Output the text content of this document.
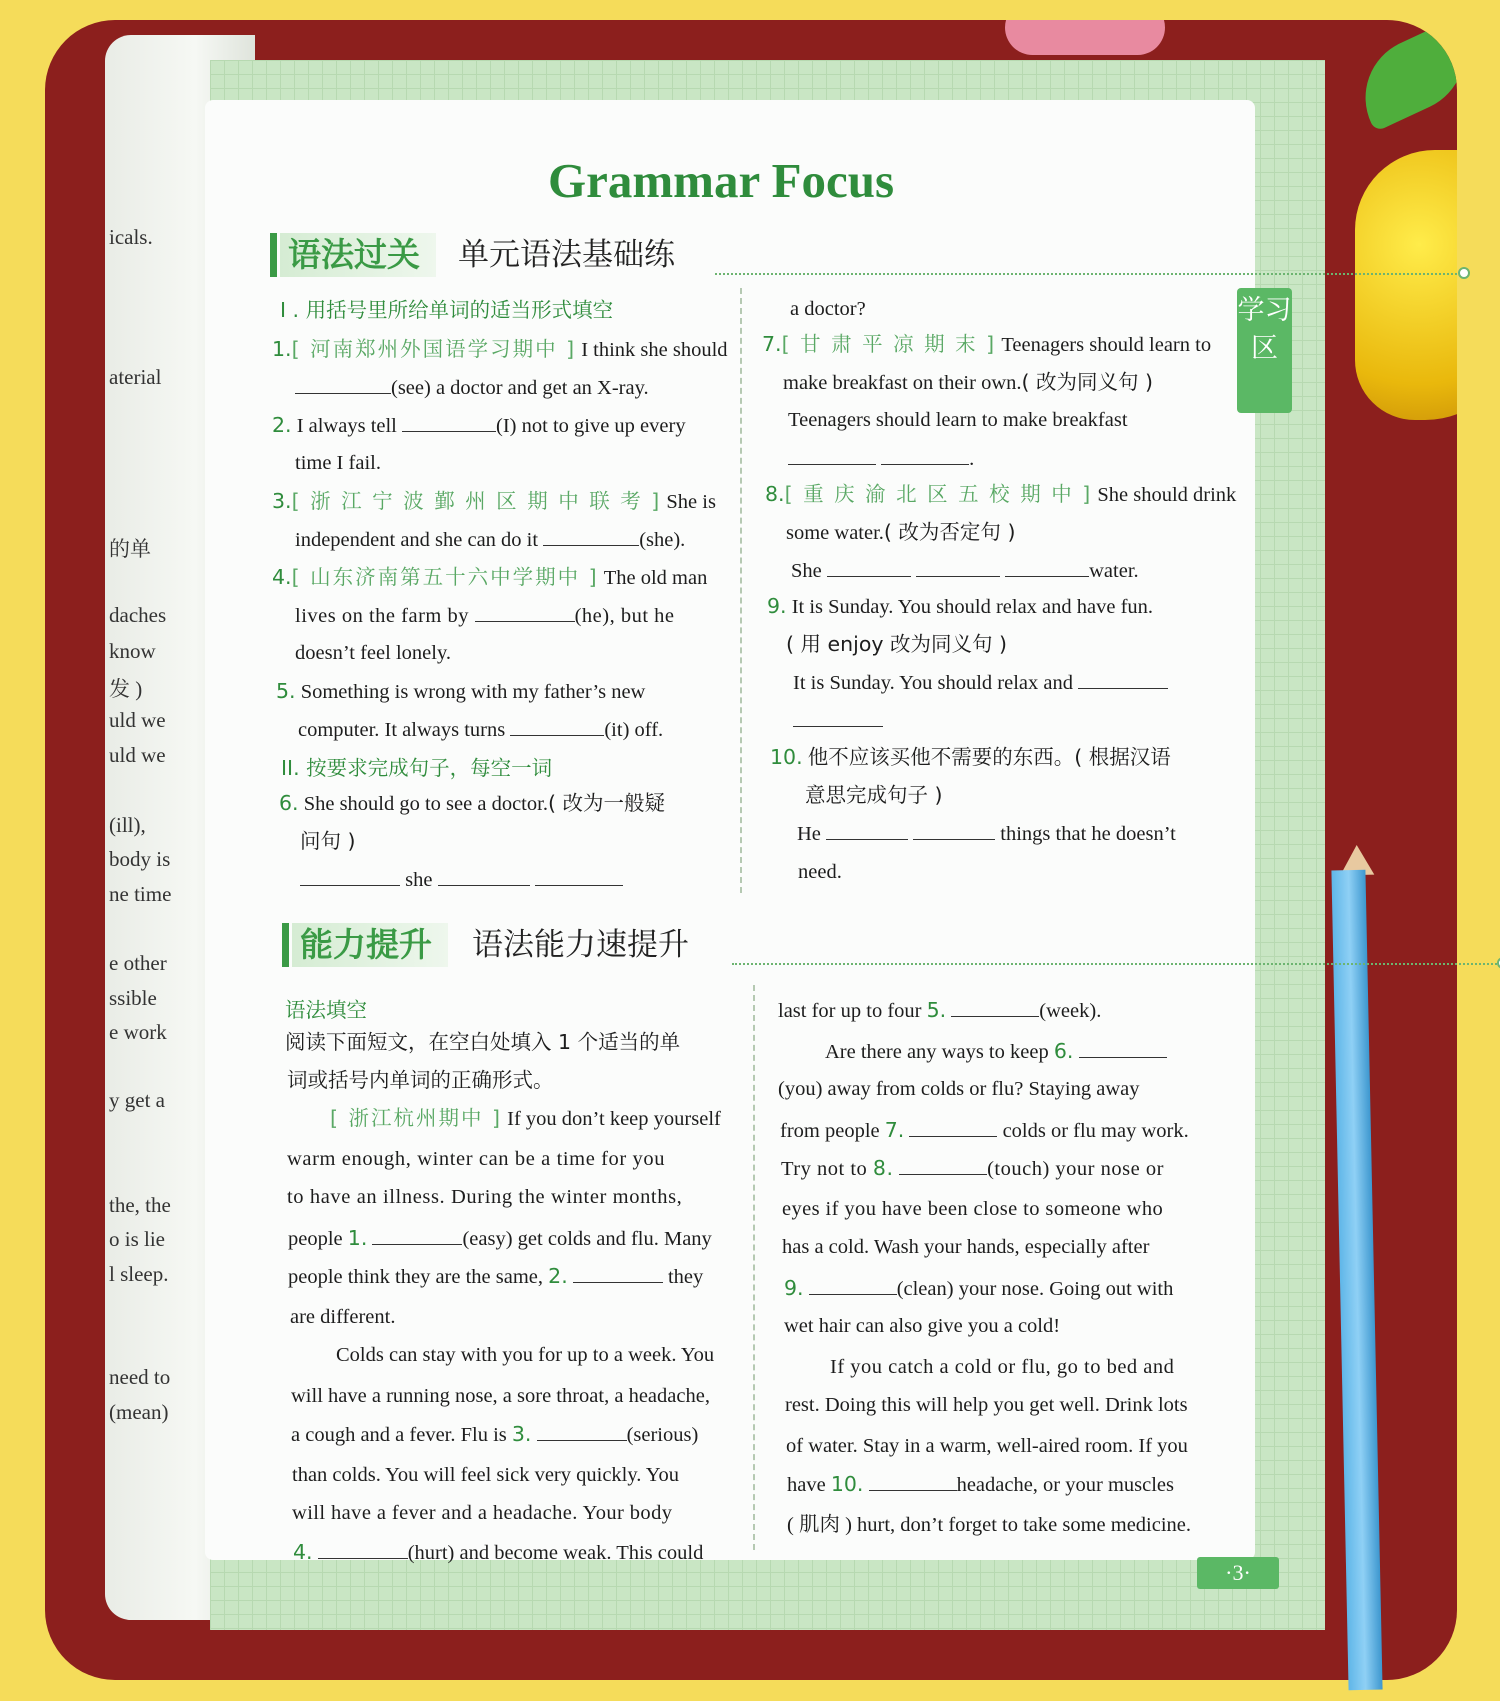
icals.
aterial
的单
daches
know
发 )
uld we
uld we
(ill),
body is
ne time
e other
ssible
e work
y get a
the, the
o is lie
l sleep.
need to
(mean)
Grammar Focus
学习区
·3·
语法过关	单元语法基础练
I . 用括号里所给单词的适当形式填空
1.[ 河南郑州外国语学习期中 ] I think she should
(see) a doctor and get an X-ray.
2. I always tell	(I) not to give up every
time I fail.
3.[ 浙 江 宁 波 鄞 州 区 期 中 联 考 ] She is
independent and she can do it	(she).
4.[ 山东济南第五十六中学期中 ] The old man
lives on the farm by	(he), but he
doesn’t feel lonely.
5. Something is wrong with my father’s new
computer. It always turns	(it) off.
II. 按要求完成句子，每空一词
6. She should go to see a doctor.( 改为一般疑
问句 )
she
a doctor?
7.[ 甘 肃 平 凉 期 末 ] Teenagers should learn to
make breakfast on their own.( 改为同义句 )
Teenagers should learn to make breakfast
.
8.[ 重 庆 渝 北 区 五 校 期 中 ] She should drink
some water.( 改为否定句 )
She	water.
9. It is Sunday. You should relax and have fun.
( 用 enjoy 改为同义句 )
It is Sunday. You should relax and
10. 他不应该买他不需要的东西。( 根据汉语
意思完成句子 )
He	things that he doesn’t
need.
能力提升	语法能力速提升
语法填空
阅读下面短文，在空白处填入 1 个适当的单
词或括号内单词的正确形式。
[ 浙江杭州期中 ] If you don’t keep yourself
warm enough, winter can be a time for you
to have an illness. During the winter months,
people 1.	(easy) get colds and flu. Many
people think they are the same, 2.	they
are different.
Colds can stay with you for up to a week. You
will have a running nose, a sore throat, a headache,
a cough and a fever. Flu is 3.	(serious)
than colds. You will feel sick very quickly. You
will have a fever and a headache. Your body
4.	(hurt) and become weak. This could
last for up to four 5.	(week).
Are there any ways to keep 6.
(you) away from colds or flu? Staying away
from people 7.	colds or flu may work.
Try not to 8.	(touch) your nose or
eyes if you have been close to someone who
has a cold. Wash your hands, especially after
9.	(clean) your nose. Going out with
wet hair can also give you a cold!
If you catch a cold or flu, go to bed and
rest. Doing this will help you get well. Drink lots
of water. Stay in a warm, well-aired room. If you
have 10.	headache, or your muscles
( 肌肉 ) hurt, don’t forget to take some medicine.
